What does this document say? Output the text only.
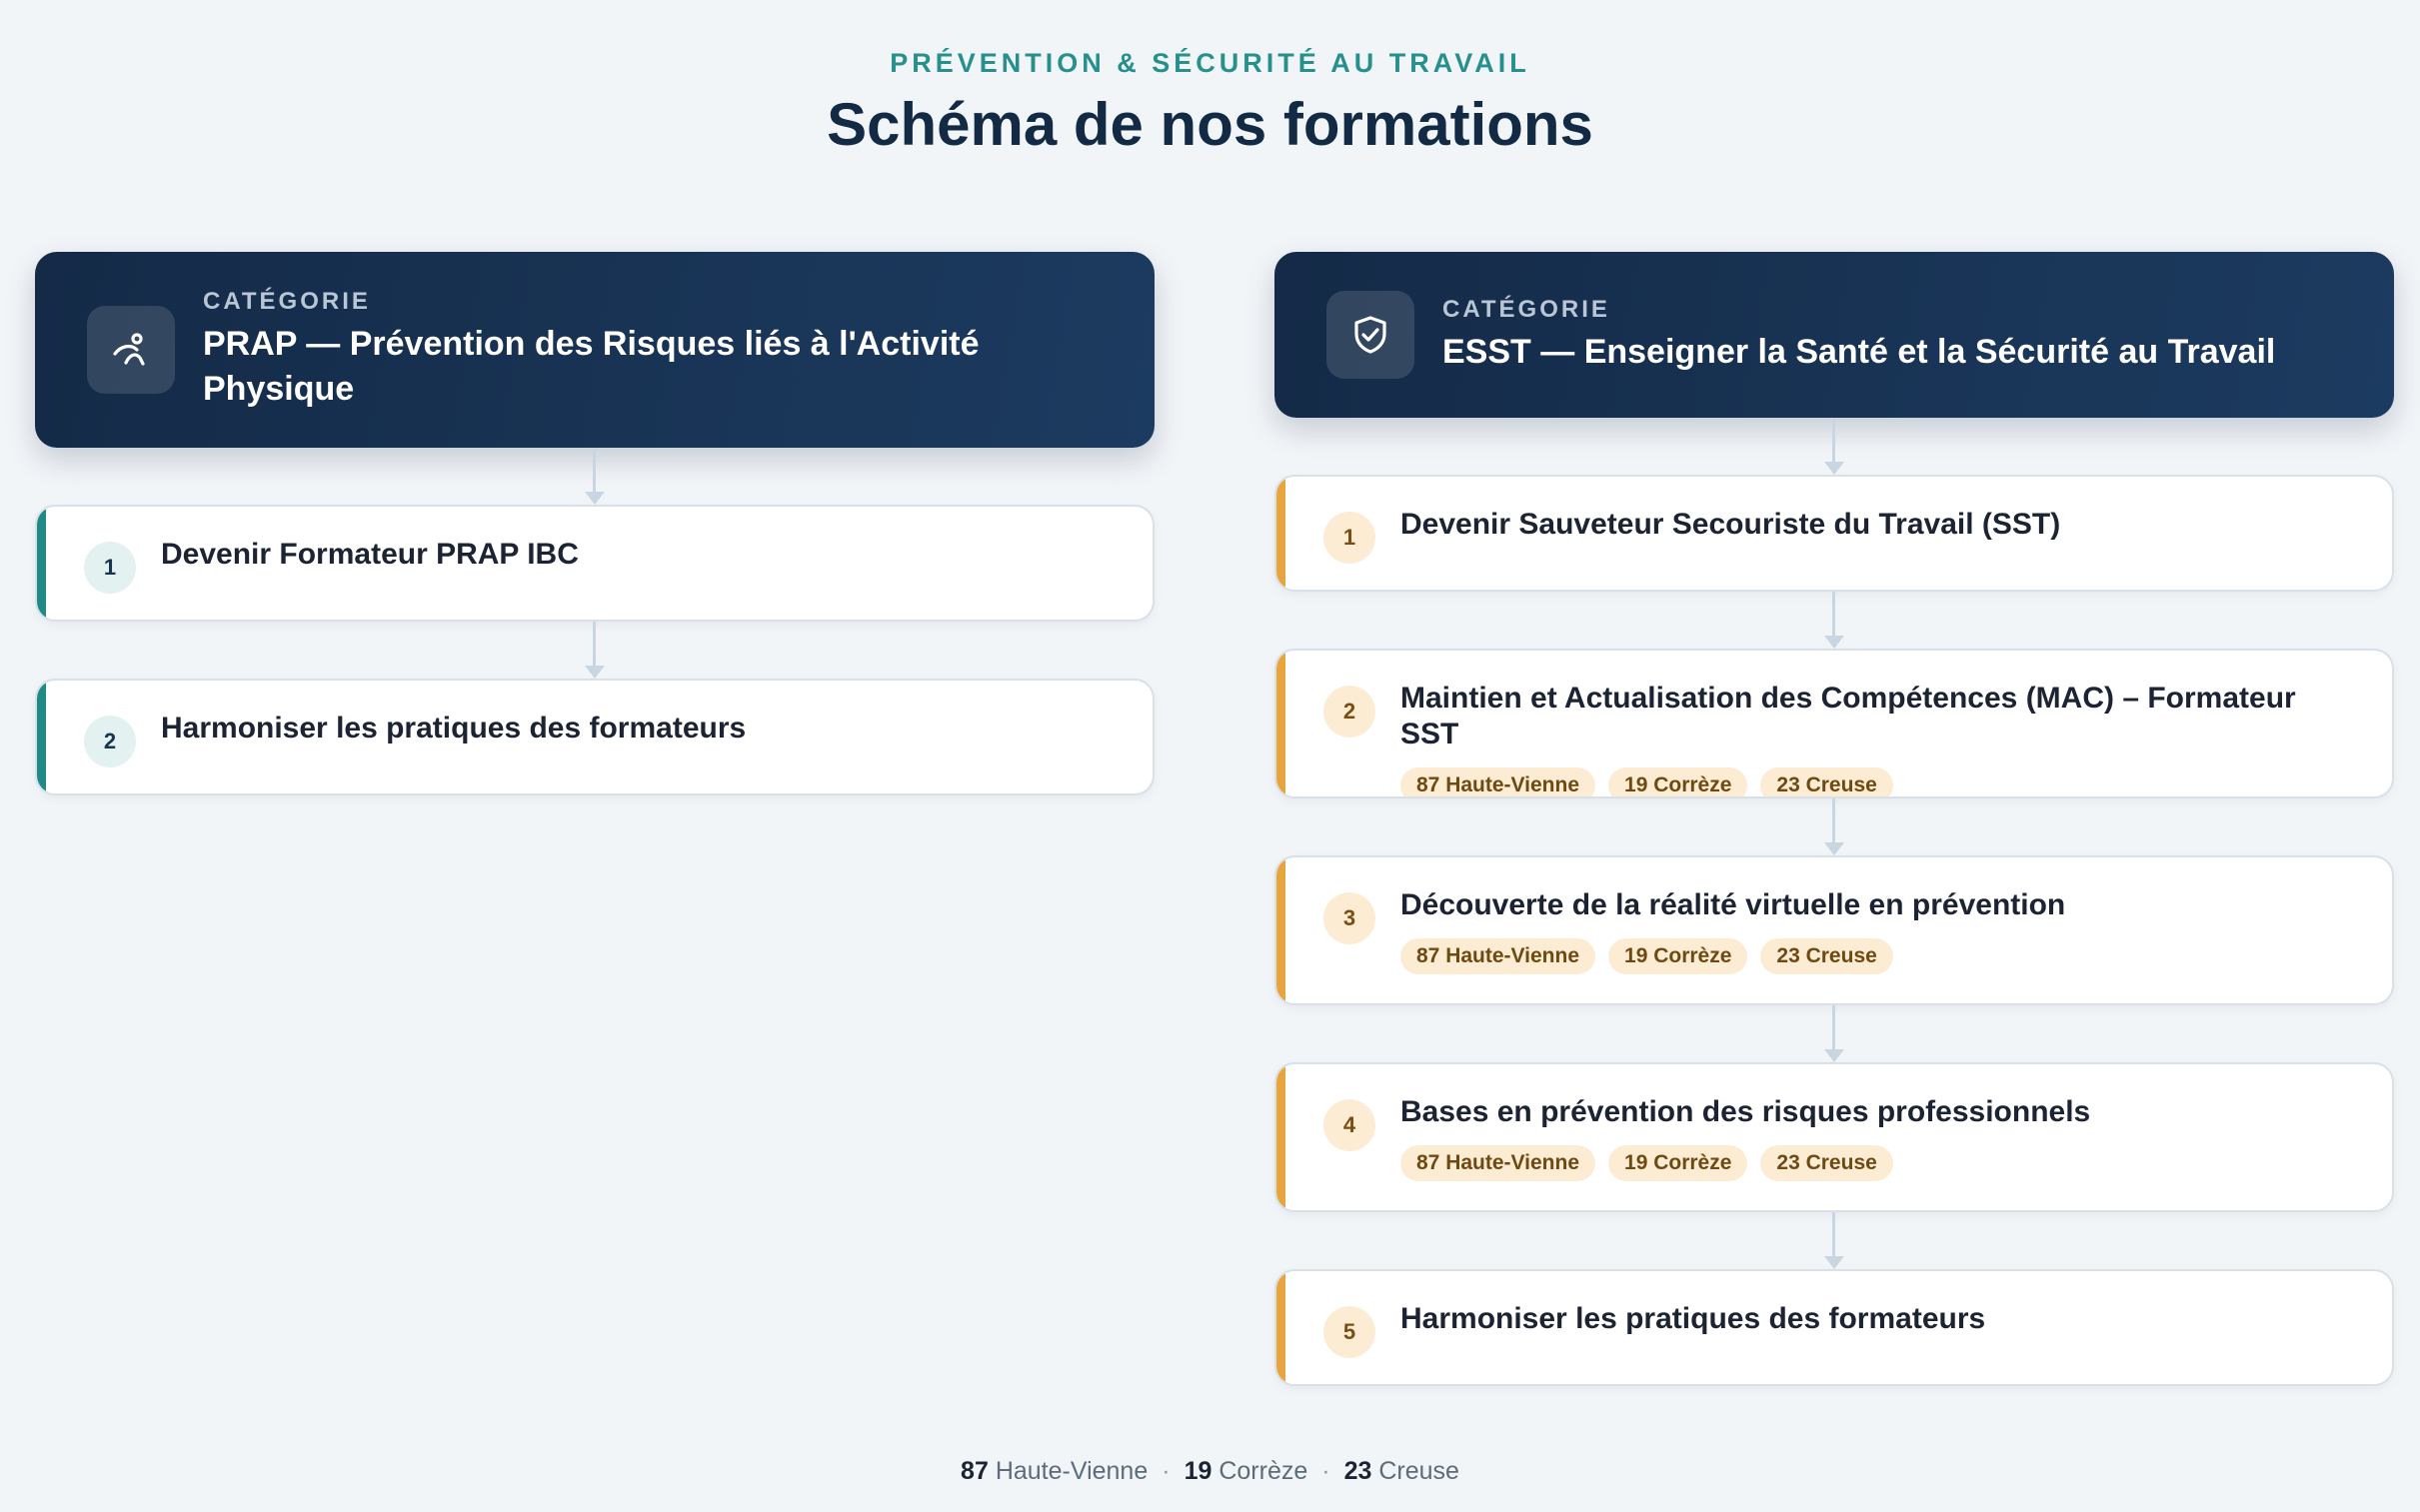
PRÉVENTION & SÉCURITÉ AU TRAVAIL
Schéma de nos formations
CATÉGORIE
PRAP — Prévention des Risques liés à l'Activité Physique
1	Devenir Formateur PRAP IBC
2	Harmoniser les pratiques des formateurs
CATÉGORIE
ESST — Enseigner la Santé et la Sécurité au Travail
1	Devenir Sauveteur Secouriste du Travail (SST)
2	Maintien et Actualisation des Compétences (MAC) – Formateur SST
87 Haute-Vienne	19 Corrèze	23 Creuse
3	Découverte de la réalité virtuelle en prévention
87 Haute-Vienne	19 Corrèze	23 Creuse
4	Bases en prévention des risques professionnels
87 Haute-Vienne	19 Corrèze	23 Creuse
5	Harmoniser les pratiques des formateurs
87 Haute-Vienne · 19 Corrèze · 23 Creuse
